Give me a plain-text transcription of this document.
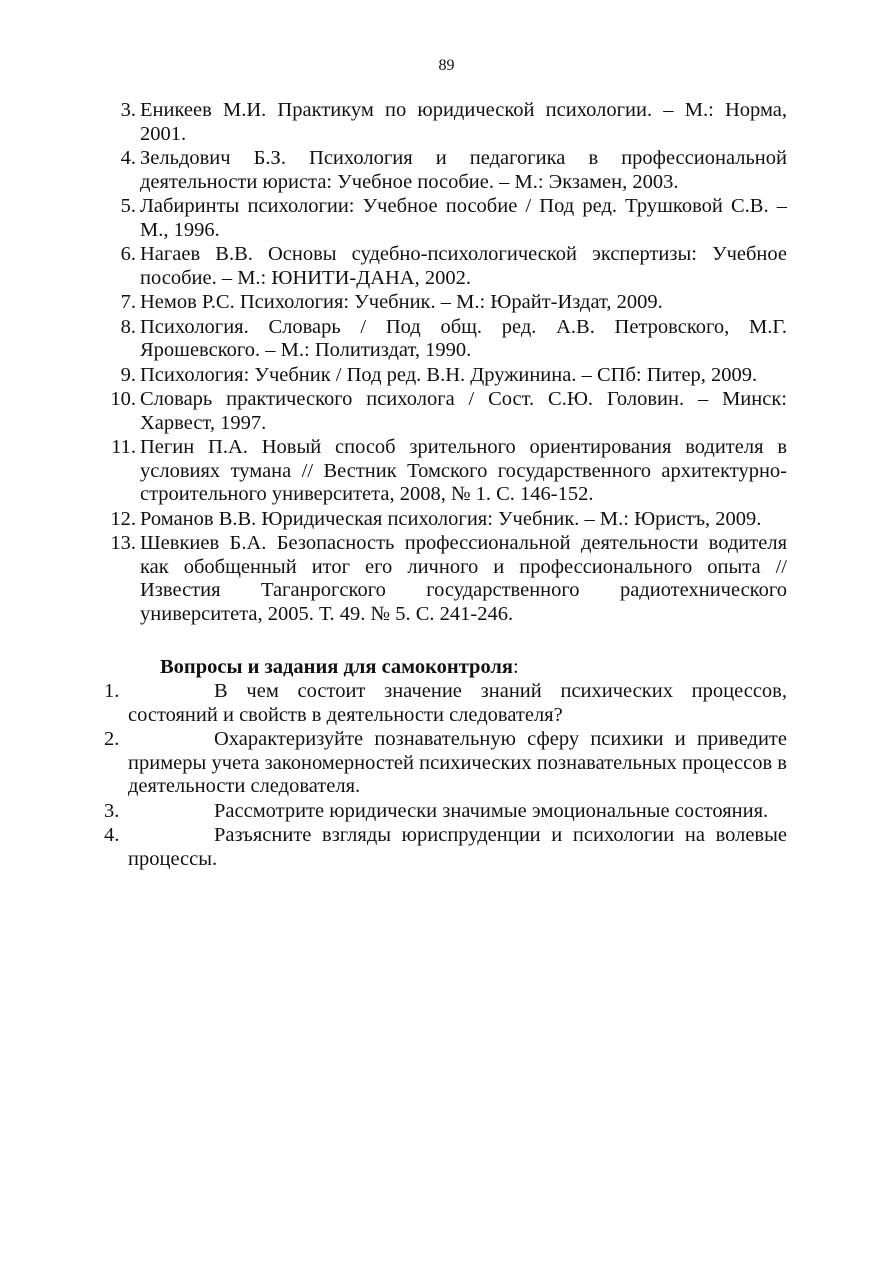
89
3. Еникеев М.И. Практикум по юридической психологии. – М.: Норма, 2001.
4. Зельдович Б.З. Психология и педагогика в профессиональной деятельности юриста: Учебное пособие. – М.: Экзамен, 2003.
5. Лабиринты психологии: Учебное пособие / Под ред. Трушковой С.В. – М., 1996.
6. Нагаев В.В. Основы судебно-психологической экспертизы: Учебное пособие. – М.: ЮНИТИ-ДАНА, 2002.
7. Немов Р.С. Психология: Учебник. – М.: Юрайт-Издат, 2009.
8. Психология. Словарь / Под общ. ред. А.В. Петровского, М.Г. Ярошевского. – М.: Политиздат, 1990.
9. Психология: Учебник / Под ред. В.Н. Дружинина. – СПб: Питер, 2009.
10. Словарь практического психолога / Сост. С.Ю. Головин. – Минск: Харвест, 1997.
11. Пегин П.А. Новый способ зрительного ориентирования водителя в условиях тумана // Вестник Томского государственного архитектурно-строительного университета, 2008, № 1. С. 146-152.
12. Романов В.В. Юридическая психология: Учебник. – М.: Юристъ, 2009.
13. Шевкиев Б.А. Безопасность профессиональной деятельности водителя как обобщенный итог его личного и профессионального опыта // Известия Таганрогского государственного радиотехнического университета, 2005. Т. 49. № 5. С. 241-246.

Вопросы и задания для самоконтроля:

1.	В чем состоит значение знаний психических процессов, состояний и свойств в деятельности следователя?
2.	Охарактеризуйте познавательную сферу психики и приведите примеры учета закономерностей психических познавательных процессов в деятельности следователя.
3.	Рассмотрите юридически значимые эмоциональные состояния.
4.	Разъясните взгляды юриспруденции и психологии на волевые процессы.
